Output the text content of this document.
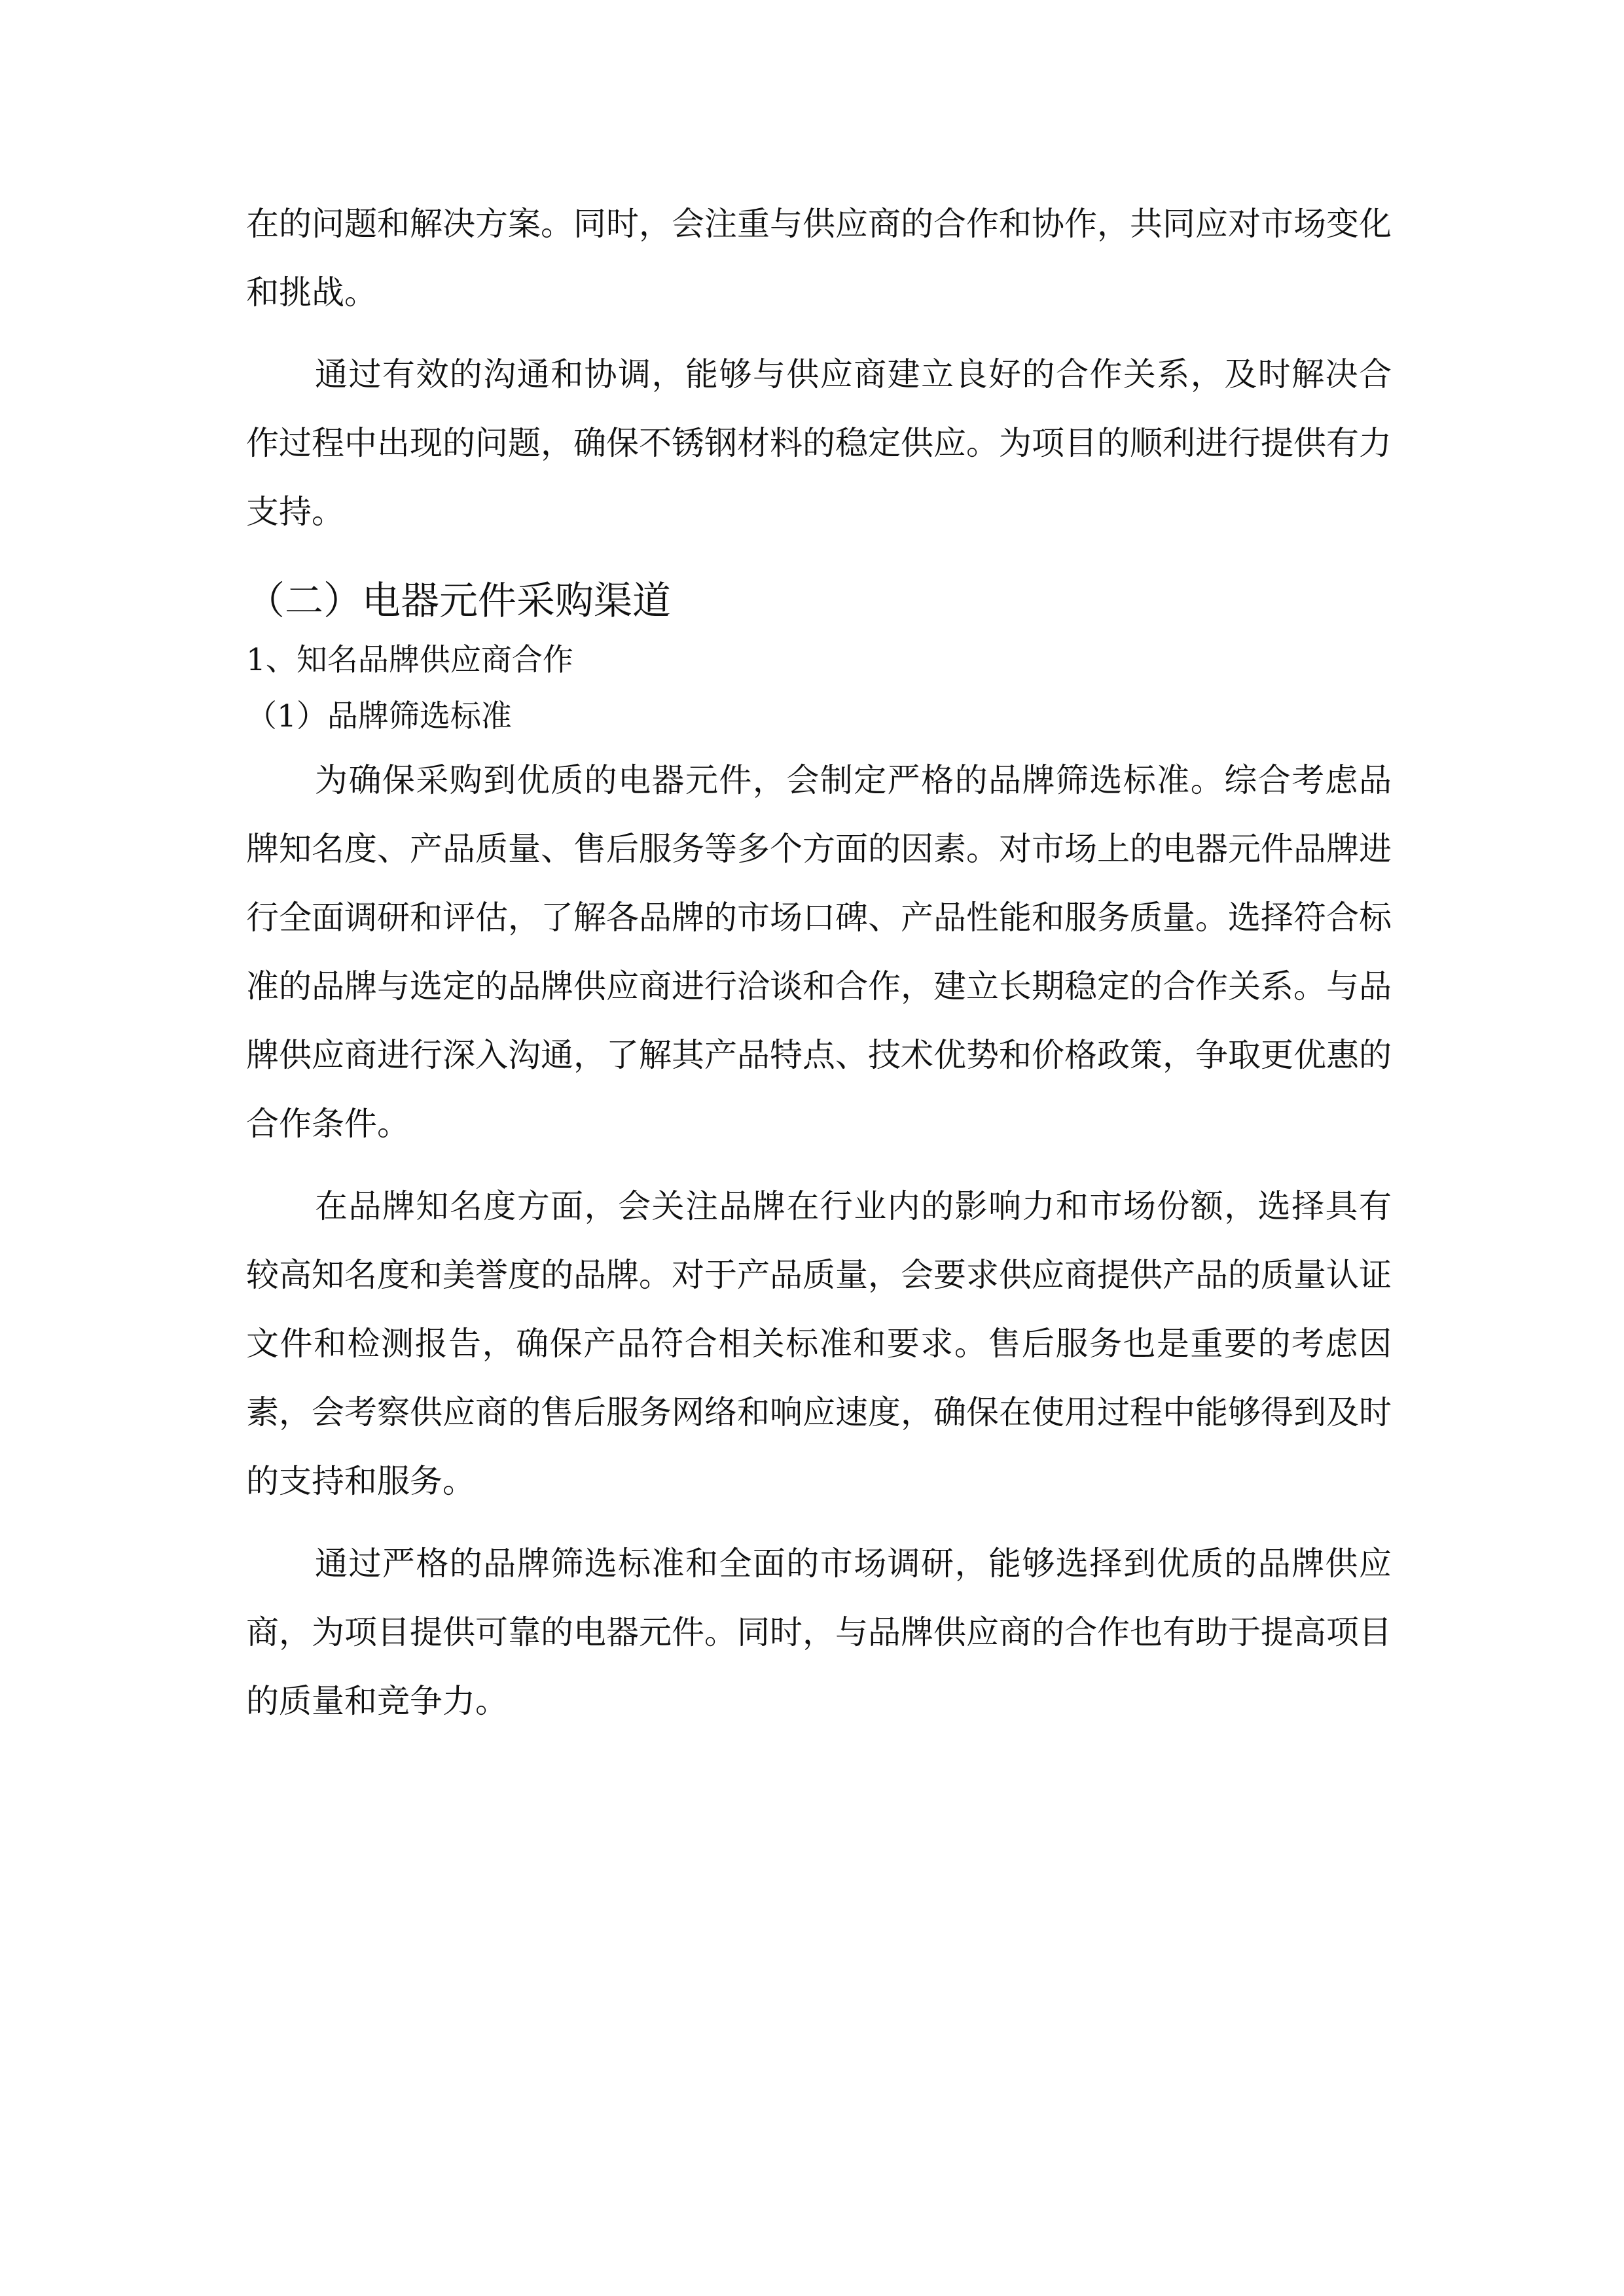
在的问题和解决方案。同时，会注重与供应商的合作和协作，共同应对市场变化和挑战。

通过有效的沟通和协调，能够与供应商建立良好的合作关系，及时解决合作过程中出现的问题，确保不锈钢材料的稳定供应。为项目的顺利进行提供有力支持。

（二）电器元件采购渠道
1、知名品牌供应商合作
（1）品牌筛选标准

为确保采购到优质的电器元件，会制定严格的品牌筛选标准。综合考虑品牌知名度、产品质量、售后服务等多个方面的因素。对市场上的电器元件品牌进行全面调研和评估，了解各品牌的市场口碑、产品性能和服务质量。选择符合标准的品牌与选定的品牌供应商进行洽谈和合作，建立长期稳定的合作关系。与品牌供应商进行深入沟通，了解其产品特点、技术优势和价格政策，争取更优惠的合作条件。

在品牌知名度方面，会关注品牌在行业内的影响力和市场份额，选择具有较高知名度和美誉度的品牌。对于产品质量，会要求供应商提供产品的质量认证文件和检测报告，确保产品符合相关标准和要求。售后服务也是重要的考虑因素，会考察供应商的售后服务网络和响应速度，确保在使用过程中能够得到及时的支持和服务。

通过严格的品牌筛选标准和全面的市场调研，能够选择到优质的品牌供应商，为项目提供可靠的电器元件。同时，与品牌供应商的合作也有助于提高项目的质量和竞争力。
